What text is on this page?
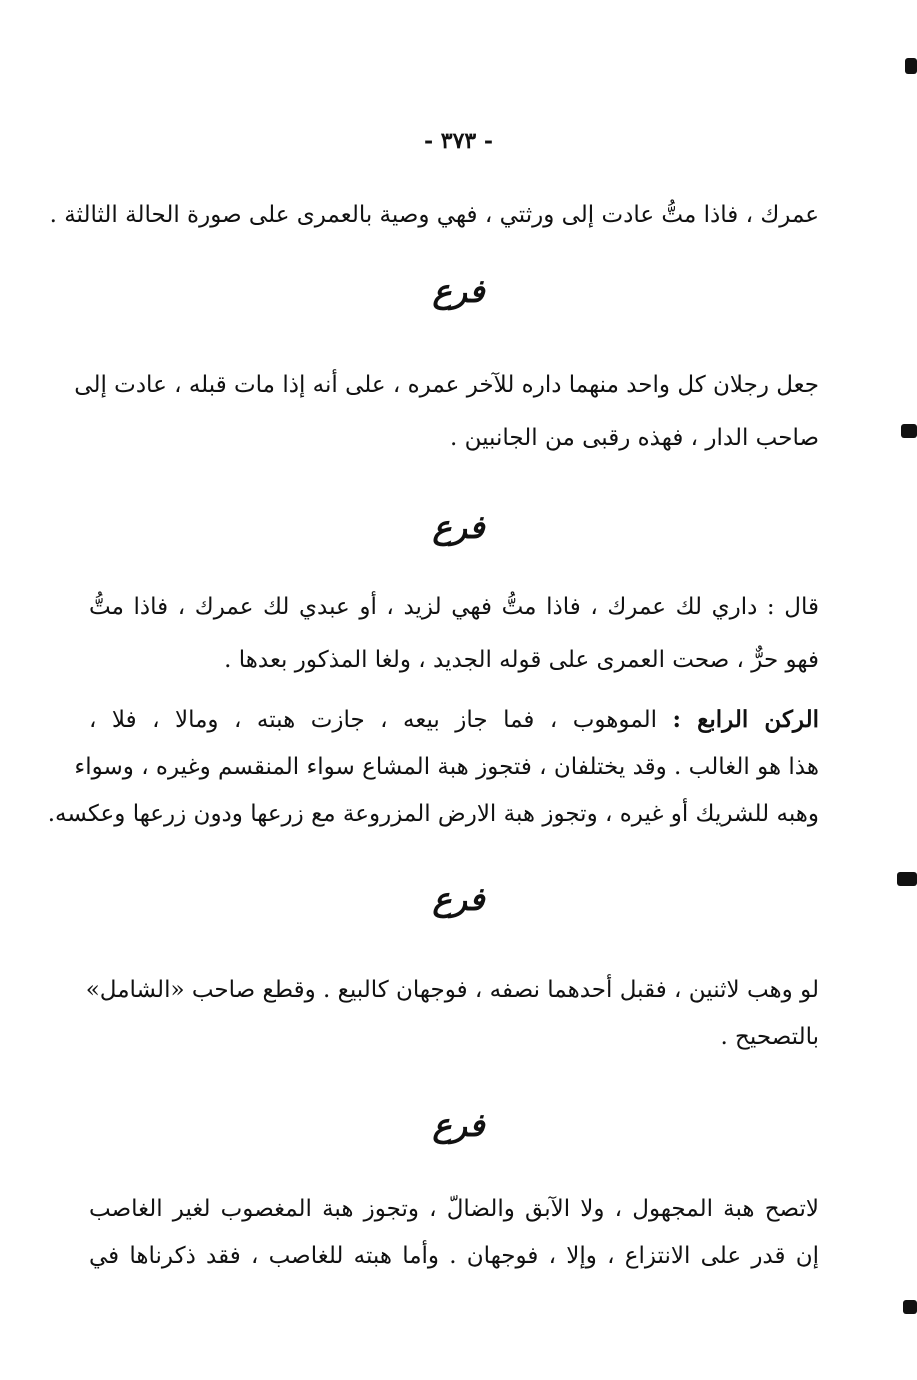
- ٣٧٣ -
عمرك ، فاذا متُّ عادت إلى ورثتي ، فهي وصية بالعمرى على صورة الحالة الثالثة .
فرع
جعل رجلان كل واحد منهما داره للآخر عمره ، على أنه إذا مات قبله ، عادت إلى
صاحب الدار ، فهذه رقبى من الجانبين .
فرع
قال : داري لك عمرك ، فاذا متُّ فهي لزيد ، أو عبدي لك عمرك ، فاذا متُّ
فهو حرٌّ ، صحت العمرى على قوله الجديد ، ولغا المذكور بعدها .
الركن الرابع : الموهوب ، فما جاز بيعه ، جازت هبته ، ومالا ، فلا ،
هذا هو الغالب . وقد يختلفان ، فتجوز هبة المشاع سواء المنقسم وغيره ، وسواء
وهبه للشريك أو غيره ، وتجوز هبة الارض المزروعة مع زرعها ودون زرعها وعكسه.
فرع
لو وهب لاثنين ، فقبل أحدهما نصفه ، فوجهان كالبيع . وقطع صاحب «الشامل»
بالتصحيح .
فرع
لاتصح هبة المجهول ، ولا الآبق والضالّ ، وتجوز هبة المغصوب لغير الغاصب
إن قدر على الانتزاع ، وإلا ، فوجهان . وأما هبته للغاصب ، فقد ذكرناها في
